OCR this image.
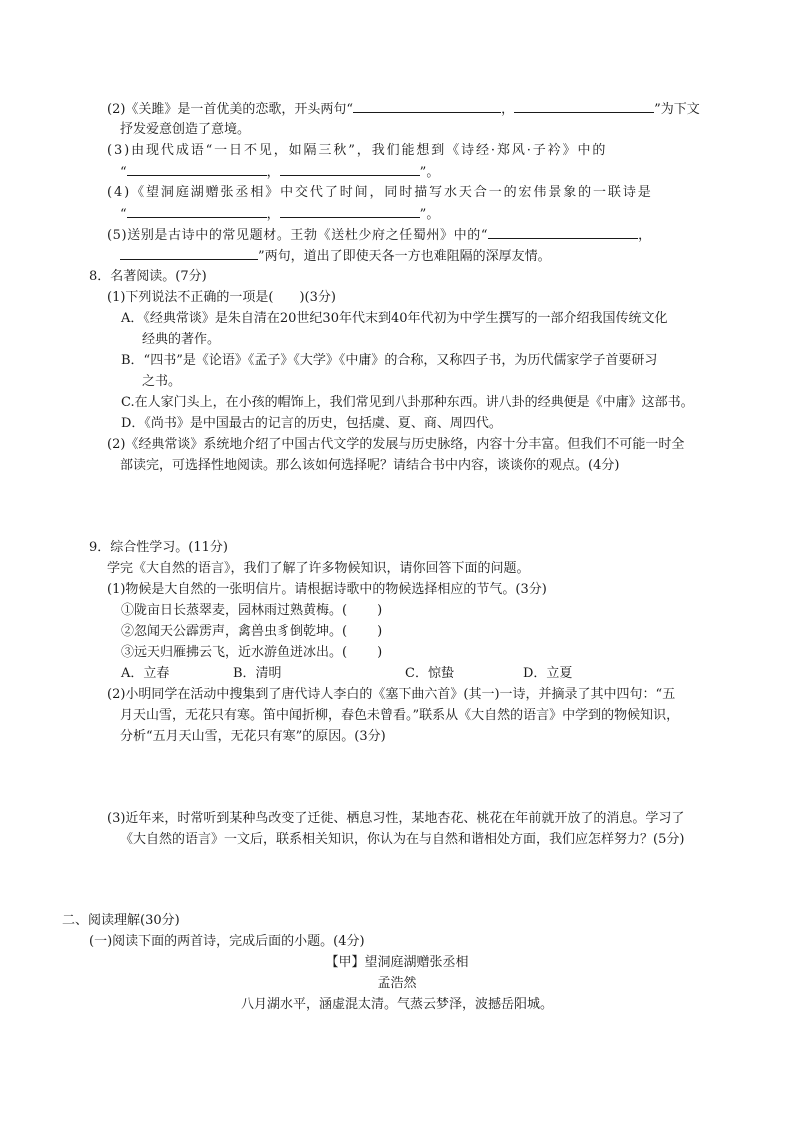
(2)《关雎》是一首优美的恋歌，开头两句“	，	”为下文
抒发爱意创造了意境。
(3)由现代成语“一日不见，如隔三秋”，我们能想到《诗经·郑风·子衿》中的
“	，	”。
(4)《望洞庭湖赠张丞相》中交代了时间，同时描写水天合一的宏伟景象的一联诗是
“	，	”。
(5)送别是古诗中的常见题材。王勃《送杜少府之任蜀州》中的“	，
”两句，道出了即使天各一方也难阻隔的深厚友情。
8．名著阅读。(7分)
(1)下列说法不正确的一项是(　　)(3分)
A．《经典常谈》是朱自清在20世纪30年代末到40年代初为中学生撰写的一部介绍我国传统文化
经典的著作。
B．“四书”是《论语》《孟子》《大学》《中庸》的合称，又称四子书，为历代儒家学子首要研习
之书。
C.在人家门头上，在小孩的帽饰上，我们常见到八卦那种东西。讲八卦的经典便是《中庸》这部书。
D．《尚书》是中国最古的记言的历史，包括虞、夏、商、周四代。
(2)《经典常谈》系统地介绍了中国古代文学的发展与历史脉络，内容十分丰富。但我们不可能一时全
部读完，可选择性地阅读。那么该如何选择呢？请结合书中内容，谈谈你的观点。(4分)
9．综合性学习。(11分)
学完《大自然的语言》，我们了解了许多物候知识，请你回答下面的问题。
(1)物候是大自然的一张明信片。请根据诗歌中的物候选择相应的节气。(3分)
①陇亩日长蒸翠麦，园林雨过熟黄梅。( )
②忽闻天公霹雳声，禽兽虫豸倒乾坤。( )
③远天归雁拂云飞，近水游鱼迸冰出。( )
A．立春	B．清明	C．惊蛰	D．立夏
(2)小明同学在活动中搜集到了唐代诗人李白的《塞下曲六首》(其一)一诗，并摘录了其中四句：“五
月天山雪，无花只有寒。笛中闻折柳，春色未曾看。”联系从《大自然的语言》中学到的物候知识，
分析“五月天山雪，无花只有寒”的原因。(3分)
(3)近年来，时常听到某种鸟改变了迁徙、栖息习性，某地杏花、桃花在年前就开放了的消息。学习了
《大自然的语言》一文后，联系相关知识，你认为在与自然和谐相处方面，我们应怎样努力？(5分)
二、阅读理解(30分)
(一)阅读下面的两首诗，完成后面的小题。(4分)
【甲】望洞庭湖赠张丞相
孟浩然
八月湖水平，涵虚混太清。气蒸云梦泽，波撼岳阳城。
